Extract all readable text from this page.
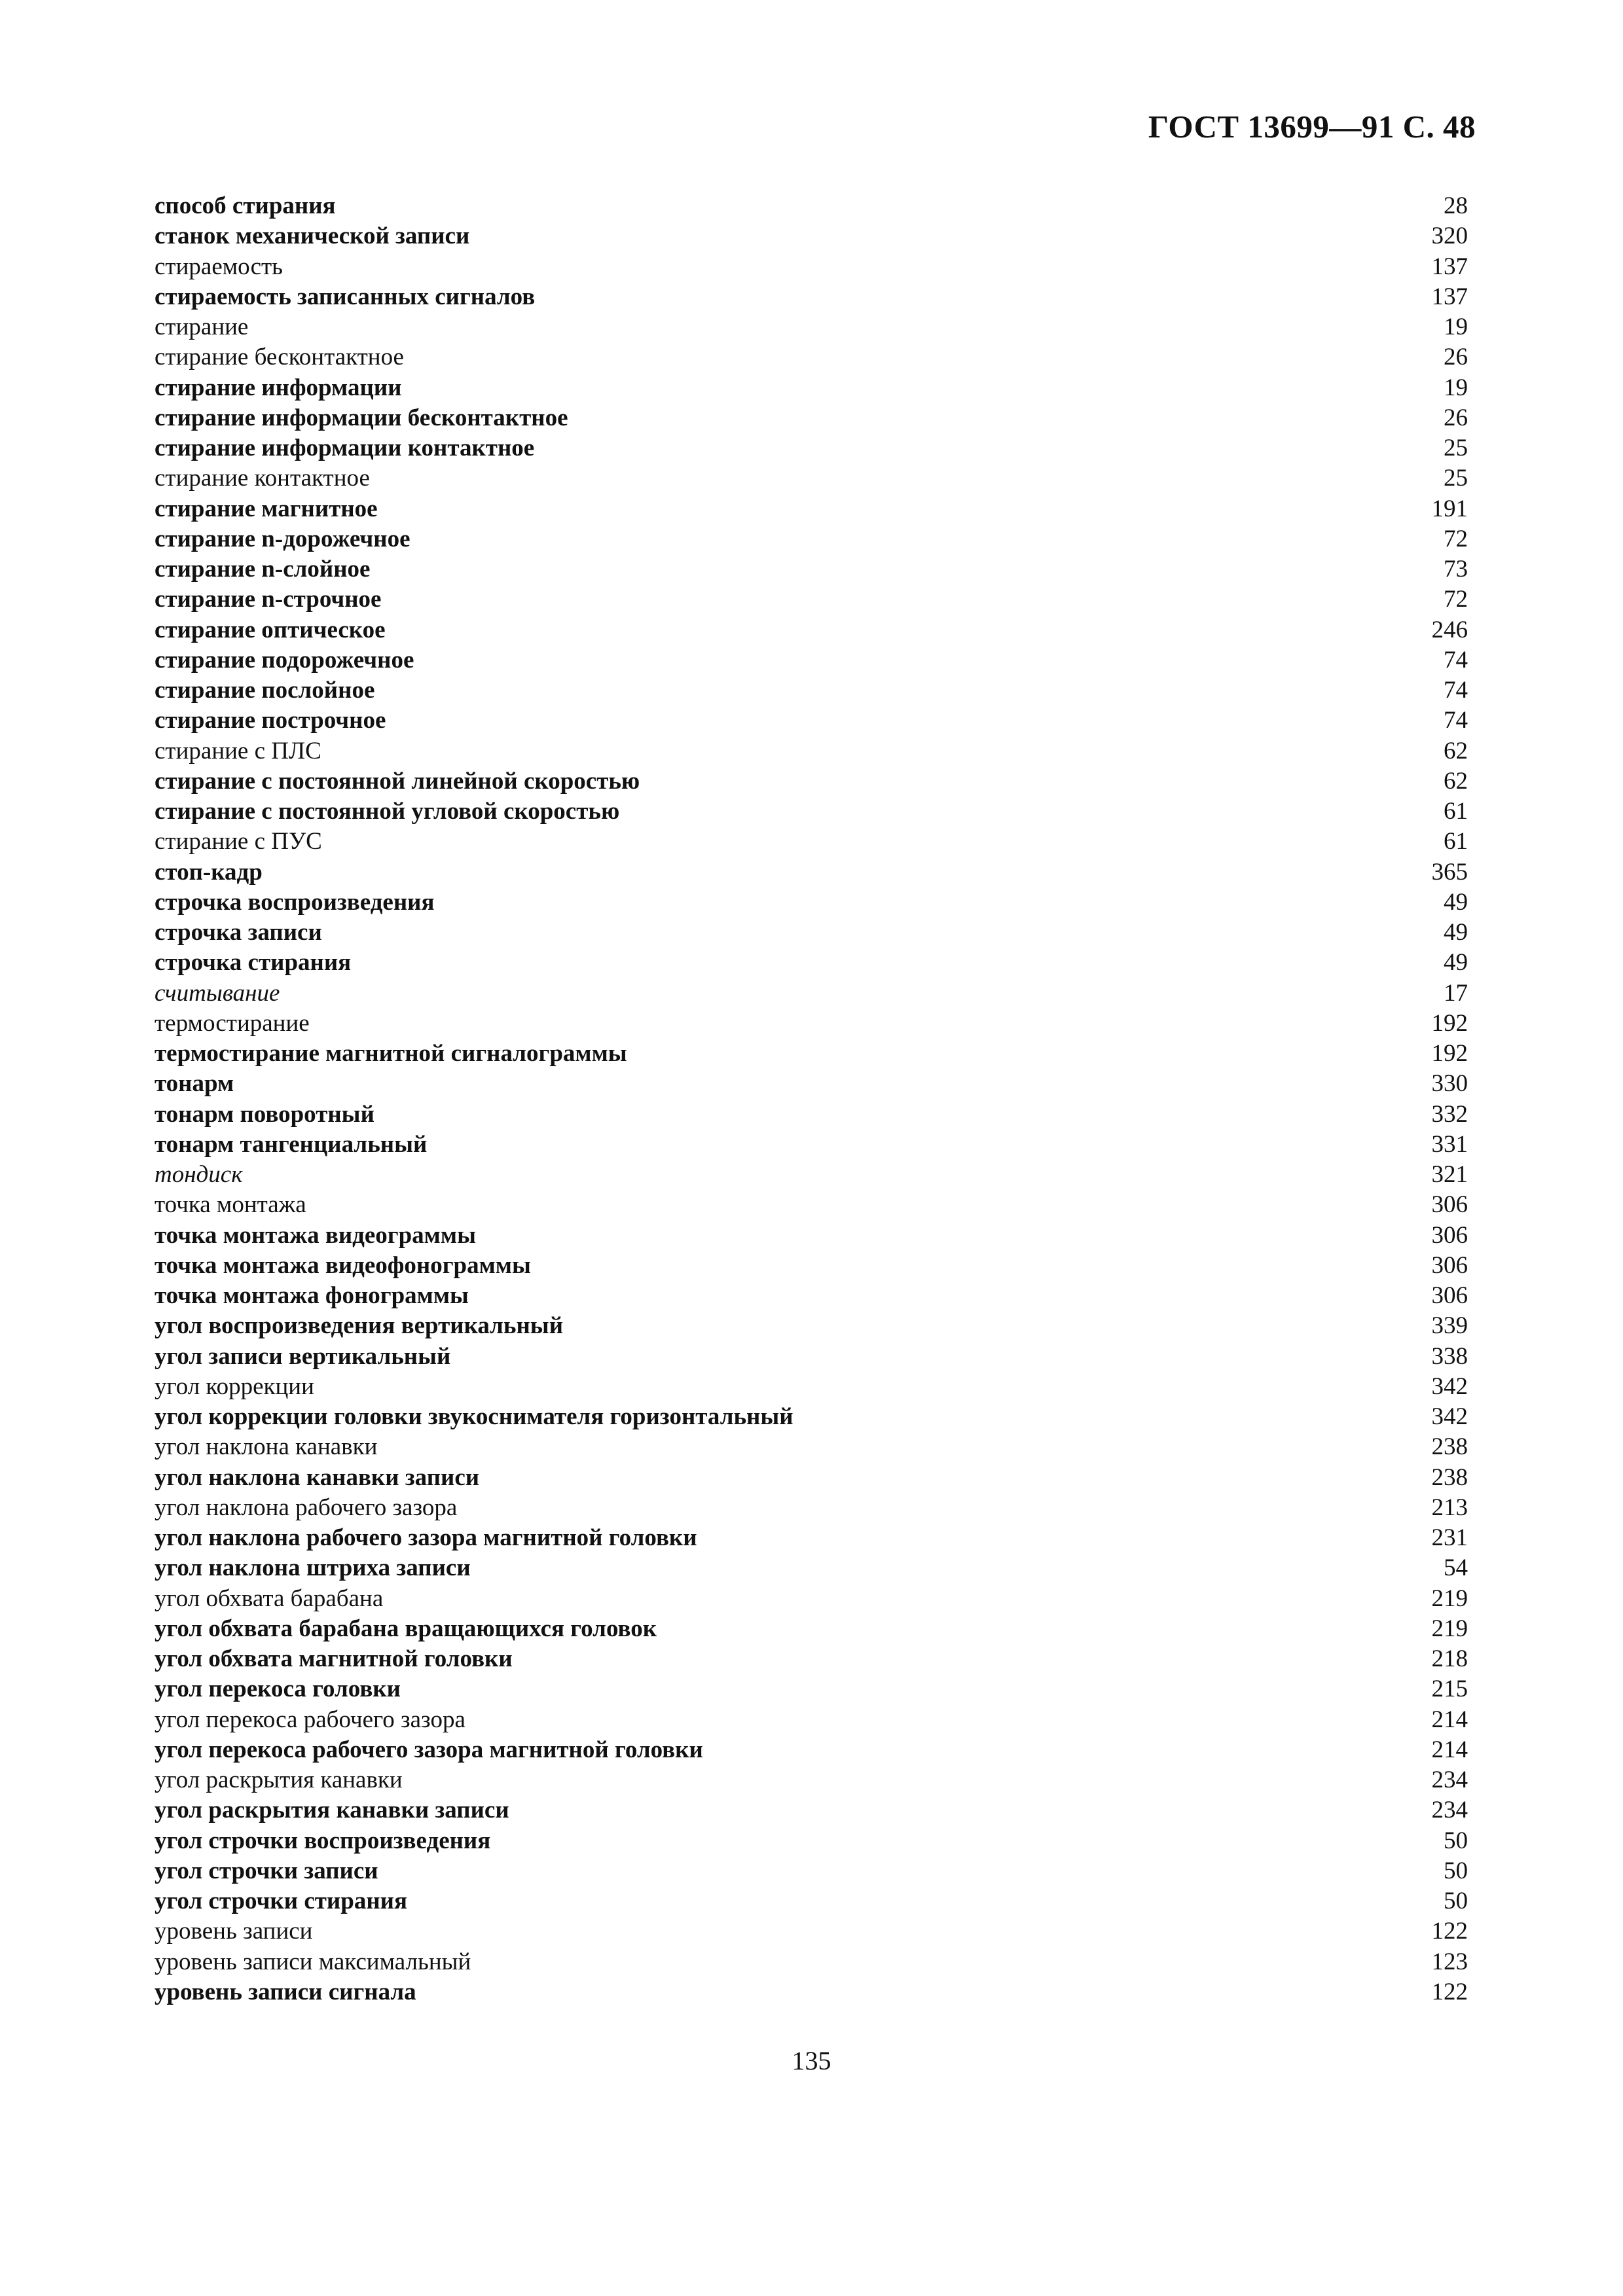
ГОСТ 13699—91 С. 48
способ стирания	28
станок механической записи	320
стираемость	137
стираемость записанных сигналов	137
стирание	19
стирание бесконтактное	26
стирание информации	19
стирание информации бесконтактное	26
стирание информации контактное	25
стирание контактное	25
стирание магнитное	191
стирание n-дорожечное	72
стирание n-слойное	73
стирание n-строчное	72
стирание оптическое	246
стирание подорожечное	74
стирание послойное	74
стирание построчное	74
стирание с ПЛС	62
стирание с постоянной линейной скоростью	62
стирание с постоянной угловой скоростью	61
стирание с ПУС	61
стоп-кадр	365
строчка воспроизведения	49
строчка записи	49
строчка стирания	49
считывание	17
термостирание	192
термостирание магнитной сигналограммы	192
тонарм	330
тонарм поворотный	332
тонарм тангенциальный	331
тондиск	321
точка монтажа	306
точка монтажа видеограммы	306
точка монтажа видеофонограммы	306
точка монтажа фонограммы	306
угол воспроизведения вертикальный	339
угол записи вертикальный	338
угол коррекции	342
угол коррекции головки звукоснимателя горизонтальный	342
угол наклона канавки	238
угол наклона канавки записи	238
угол наклона рабочего зазора	213
угол наклона рабочего зазора магнитной головки	231
угол наклона штриха записи	54
угол обхвата барабана	219
угол обхвата барабана вращающихся головок	219
угол обхвата магнитной головки	218
угол перекоса головки	215
угол перекоса рабочего зазора	214
угол перекоса рабочего зазора магнитной головки	214
угол раскрытия канавки	234
угол раскрытия канавки записи	234
угол строчки воспроизведения	50
угол строчки записи	50
угол строчки стирания	50
уровень записи	122
уровень записи максимальный	123
уровень записи сигнала	122
135
